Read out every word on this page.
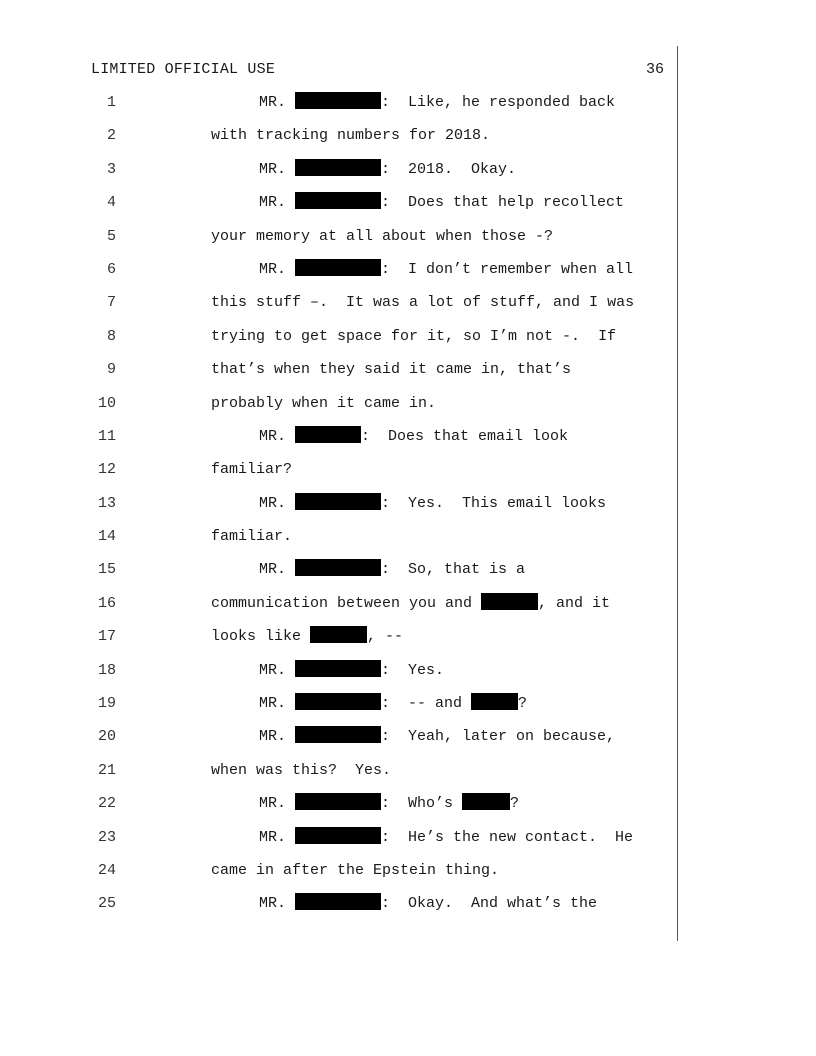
LIMITED OFFICIAL USE	36
1	MR.	:  Like, he responded back
2	with tracking numbers for 2018.
3	MR.	:  2018.  Okay.
4	MR.	:  Does that help recollect
5	your memory at all about when those -?
6	MR.	:  I don’t remember when all
7	this stuff –.  It was a lot of stuff, and I was
8	trying to get space for it, so I’m not -.  If
9	that’s when they said it came in, that’s
10	probably when it came in.
11	MR.	:  Does that email look
12	familiar?
13	MR.	:  Yes.  This email looks
14	familiar.
15	MR.	:  So, that is a
16	communication between you and	, and it
17	looks like	, --
18	MR.	:  Yes.
19	MR.	:  -- and	?
20	MR.	:  Yeah, later on because,
21	when was this?  Yes.
22	MR.	:  Who’s	?
23	MR.	:  He’s the new contact.  He
24	came in after the Epstein thing.
25	MR.	:  Okay.  And what’s the
